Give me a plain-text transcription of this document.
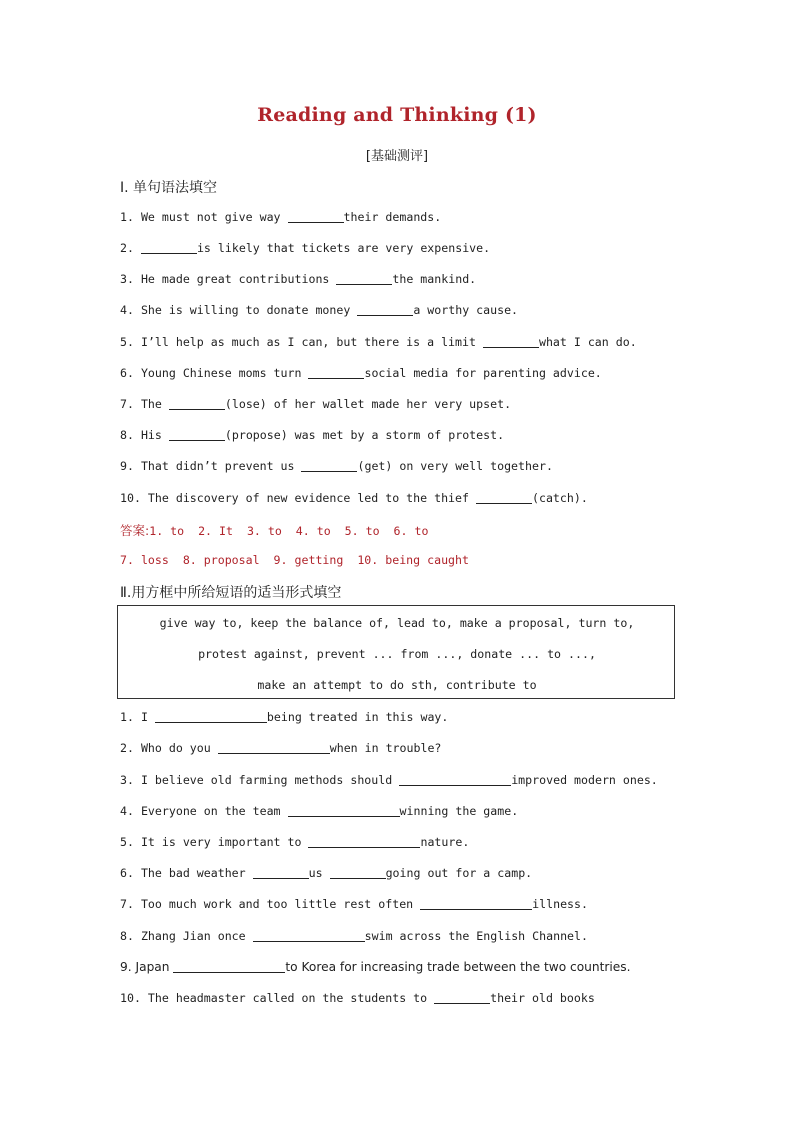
Reading and Thinking (1)
[基础测评]
Ⅰ. 单句语法填空
1. We must not give way	their demands.
2.	is likely that tickets are very expensive.
3. He made great contributions	the mankind.
4. She is willing to donate money	a worthy cause.
5. I’ll help as much as I can, but there is a limit	what I can do.
6. Young Chinese moms turn	social media for parenting advice.
7. The	(lose) of her wallet made her very upset.
8. His	(propose) was met by a storm of protest.
9. That didn’t prevent us	(get) on very well together.
10. The discovery of new evidence led to the thief	(catch).
答案:1. to  2. It  3. to  4. to  5. to  6. to
7. loss  8. proposal  9. getting  10. being caught
Ⅱ.用方框中所给短语的适当形式填空
give way to, keep the balance of, lead to, make a proposal, turn to,
protest against, prevent ... from ..., donate ... to ...,
make an attempt to do sth, contribute to
1. I	being treated in this way.
2. Who do you	when in trouble?
3. I believe old farming methods should	improved modern ones.
4. Everyone on the team	winning the game.
5. It is very important to	nature.
6. The bad weather	us	going out for a camp.
7. Too much work and too little rest often	illness.
8. Zhang Jian once	swim across the English Channel.
9. Japan	to Korea for increasing trade between the two countries.
10. The headmaster called on the students to	their old books
